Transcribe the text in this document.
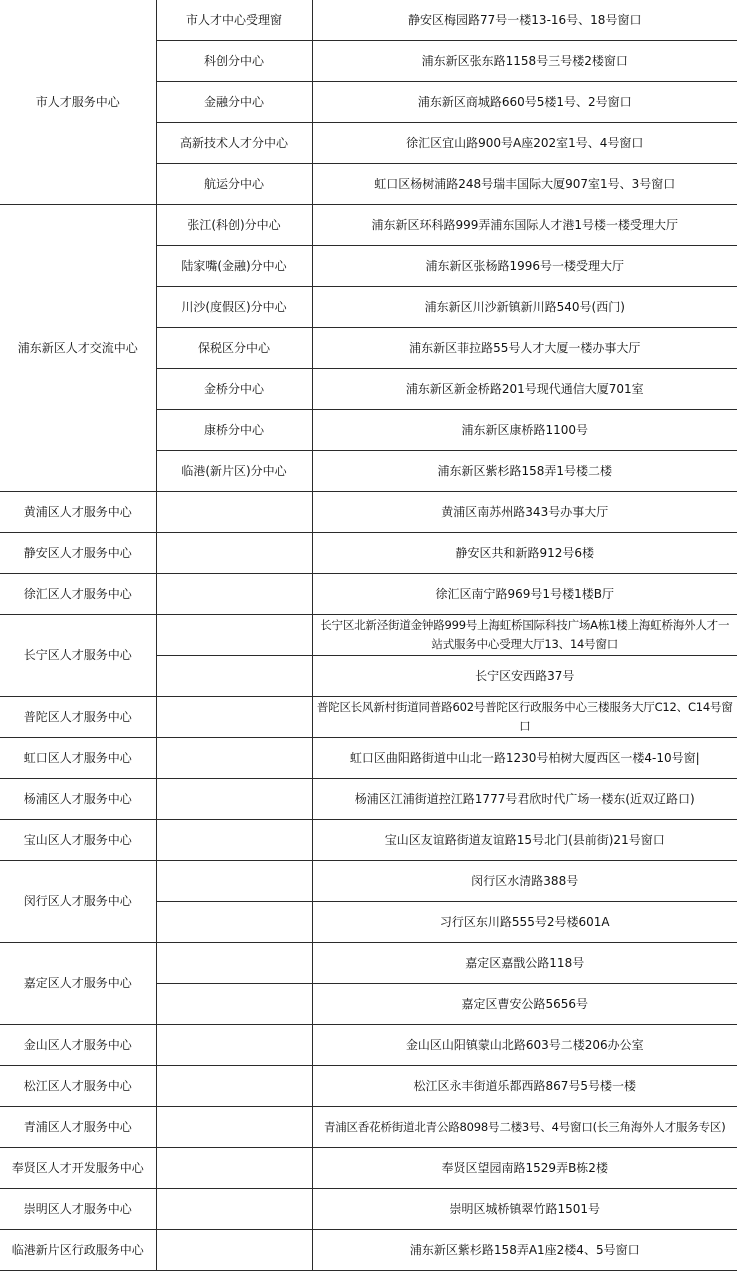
市人才服务中心	市人才中心受理窗	静安区梅园路77号一楼13-16号、18号窗口
	科创分中心	浦东新区张东路1158号三号楼2楼窗口
	金融分中心	浦东新区商城路660号5楼1号、2号窗口
	高新技术人才分中心	徐汇区宜山路900号A座202室1号、4号窗口
	航运分中心	虹口区杨树浦路248号瑞丰国际大厦907室1号、3号窗口
浦东新区人才交流中心	张江(科创)分中心	浦东新区环科路999弄浦东国际人才港1号楼一楼受理大厅
	陆家嘴(金融)分中心	浦东新区张杨路1996号一楼受理大厅
	川沙(度假区)分中心	浦东新区川沙新镇新川路540号(西门)
	保税区分中心	浦东新区菲拉路55号人才大厦一楼办事大厅
	金桥分中心	浦东新区新金桥路201号现代通信大厦701室
	康桥分中心	浦东新区康桥路1100号
	临港(新片区)分中心	浦东新区紫杉路158弄1号楼二楼
黄浦区人才服务中心		黄浦区南苏州路343号办事大厅
静安区人才服务中心		静安区共和新路912号6楼
徐汇区人才服务中心		徐汇区南宁路969号1号楼1楼B厅
长宁区人才服务中心		长宁区北新泾街道金钟路999号上海虹桥国际科技广场A栋1楼上海虹桥海外人才一站式服务中心受理大厅13、14号窗口
		长宁区安西路37号
普陀区人才服务中心		普陀区长风新村街道同普路602号普陀区行政服务中心三楼服务大厅C12、C14号窗口
虹口区人才服务中心		虹口区曲阳路街道中山北一路1230号柏树大厦西区一楼4-10号窗|
杨浦区人才服务中心		杨浦区江浦街道控江路1777号君欣时代广场一楼东(近双辽路口)
宝山区人才服务中心		宝山区友谊路街道友谊路15号北门(县前街)21号窗口
闵行区人才服务中心		闵行区水清路388号
		习行区东川路555号2号楼601A
嘉定区人才服务中心		嘉定区嘉戬公路118号
		嘉定区曹安公路5656号
金山区人才服务中心		金山区山阳镇蒙山北路603号二楼206办公室
松江区人才服务中心		松江区永丰街道乐都西路867号5号楼一楼
青浦区人才服务中心		青浦区香花桥街道北青公路8098号二楼3号、4号窗口(长三角海外人才服务专区)
奉贤区人才开发服务中心		奉贤区望园南路1529弄B栋2楼
崇明区人才服务中心		崇明区城桥镇翠竹路1501号
临港新片区行政服务中心		浦东新区紫杉路158弄A1座2楼4、5号窗口
